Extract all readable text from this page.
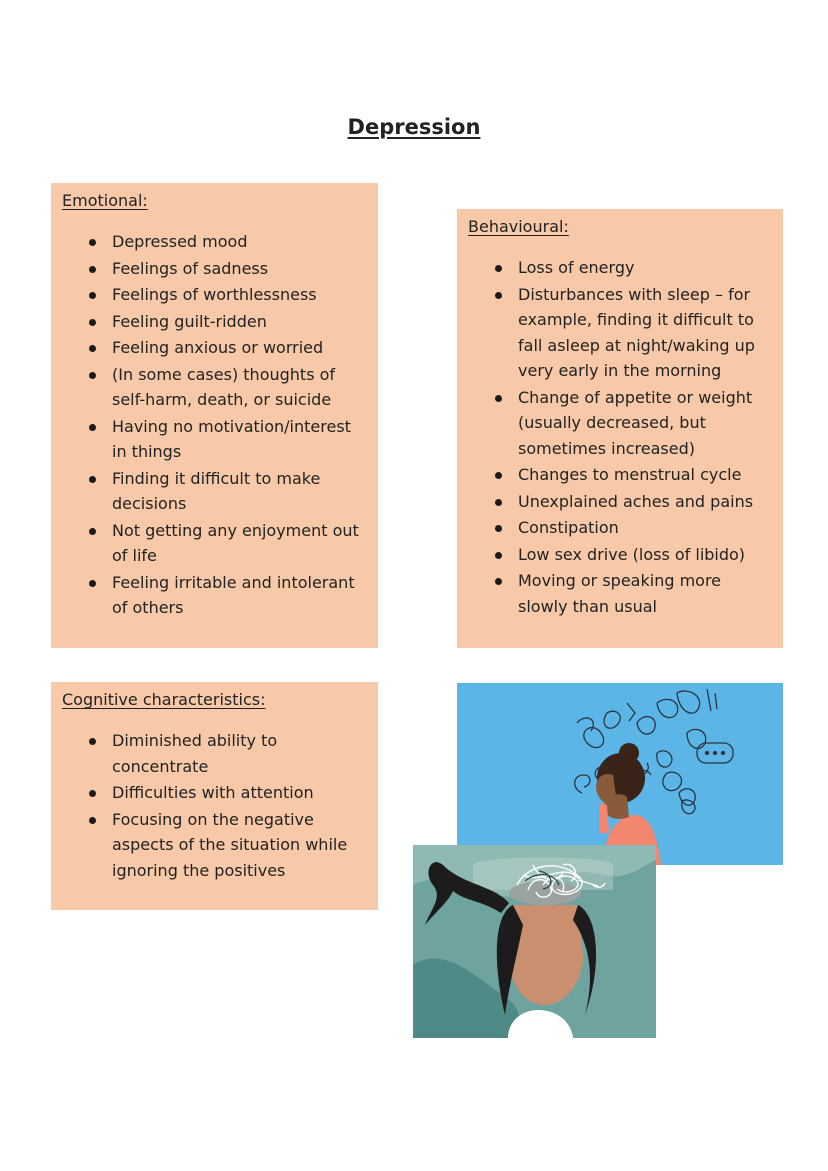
Depression

Emotional:

Depressed mood
Feelings of sadness
Feelings of worthlessness
Feeling guilt-ridden
Feeling anxious or worried
(In some cases) thoughts of self-harm, death, or suicide
Having no motivation/interest in things
Finding it difficult to make decisions
Not getting any enjoyment out of life
Feeling irritable and intolerant of others

Behavioural:

Loss of energy
Disturbances with sleep – for example, finding it difficult to fall asleep at night/waking up very early in the morning
Change of appetite or weight (usually decreased, but sometimes increased)
Changes to menstrual cycle
Unexplained aches and pains
Constipation
Low sex drive (loss of libido)
Moving or speaking more slowly than usual

Cognitive characteristics:

Diminished ability to concentrate
Difficulties with attention
Focusing on the negative aspects of the situation while ignoring the positives
